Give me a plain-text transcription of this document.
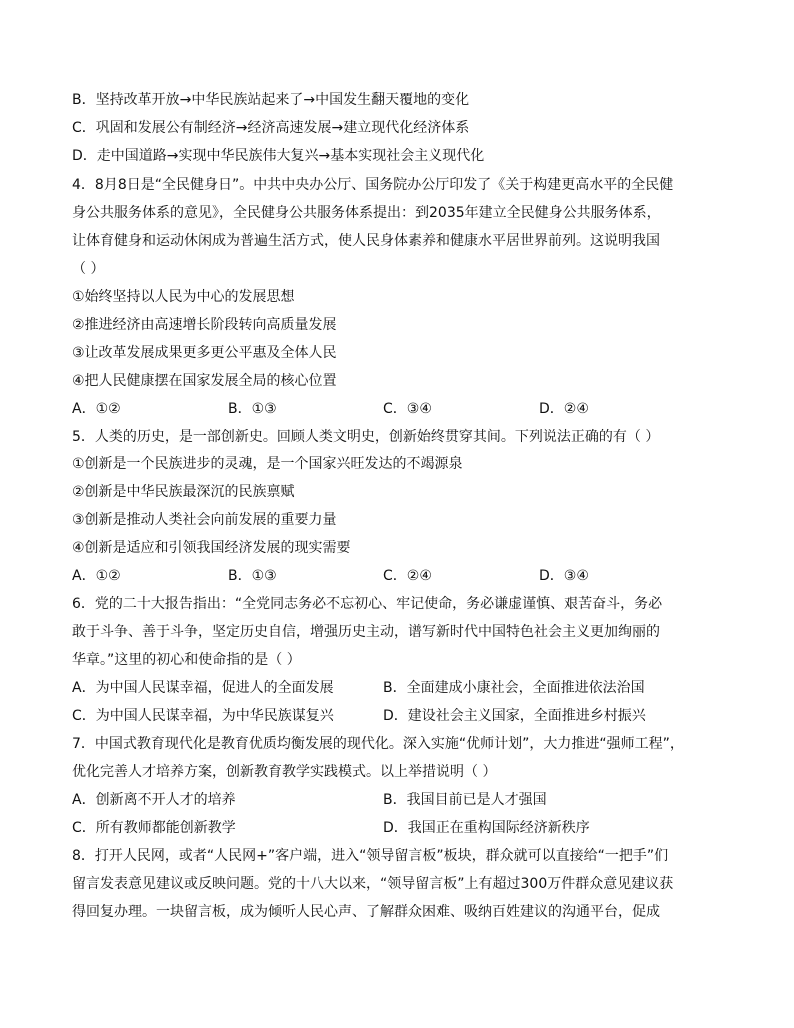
B．坚持改革开放→中华民族站起来了→中国发生翻天覆地的变化
C．巩固和发展公有制经济→经济高速发展→建立现代化经济体系
D．走中国道路→实现中华民族伟大复兴→基本实现社会主义现代化
4．8月8日是“全民健身日”。中共中央办公厅、国务院办公厅印发了《关于构建更高水平的全民健
身公共服务体系的意见》，全民健身公共服务体系提出：到2035年建立全民健身公共服务体系，
让体育健身和运动休闲成为普遍生活方式，使人民身体素养和健康水平居世界前列。这说明我国
（ ）
①始终坚持以人民为中心的发展思想
②推进经济由高速增长阶段转向高质量发展
③让改革发展成果更多更公平惠及全体人民
④把人民健康摆在国家发展全局的核心位置
A．①②	B．①③	C．③④	D．②④
5．人类的历史，是一部创新史。回顾人类文明史，创新始终贯穿其间。下列说法正确的有（ ）
①创新是一个民族进步的灵魂，是一个国家兴旺发达的不竭源泉
②创新是中华民族最深沉的民族禀赋
③创新是推动人类社会向前发展的重要力量
④创新是适应和引领我国经济发展的现实需要
A．①②	B．①③	C．②④	D．③④
6．党的二十大报告指出：“全党同志务必不忘初心、牢记使命，务必谦虚谨慎、艰苦奋斗，务必
敢于斗争、善于斗争，坚定历史自信，增强历史主动，谱写新时代中国特色社会主义更加绚丽的
华章。”这里的初心和使命指的是（ ）
A．为中国人民谋幸福，促进人的全面发展	B．全面建成小康社会，全面推进依法治国
C．为中国人民谋幸福，为中华民族谋复兴	D．建设社会主义国家，全面推进乡村振兴
7．中国式教育现代化是教育优质均衡发展的现代化。深入实施“优师计划”，大力推进“强师工程”，
优化完善人才培养方案，创新教育教学实践模式。以上举措说明（ ）
A．创新离不开人才的培养	B．我国目前已是人才强国
C．所有教师都能创新教学	D．我国正在重构国际经济新秩序
8．打开人民网，或者“人民网+”客户端，进入“领导留言板”板块，群众就可以直接给“一把手”们
留言发表意见建议或反映问题。党的十八大以来，“领导留言板”上有超过300万件群众意见建议获
得回复办理。一块留言板，成为倾听人民心声、了解群众困难、吸纳百姓建议的沟通平台，促成
